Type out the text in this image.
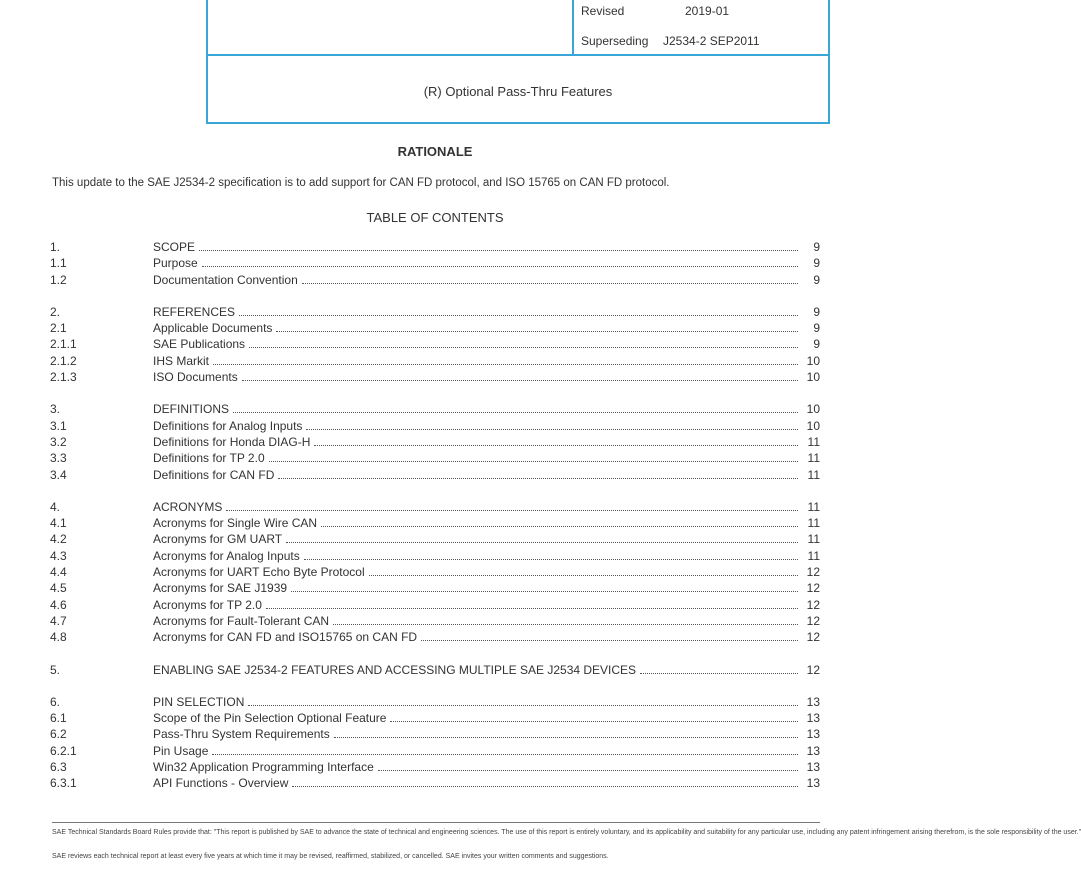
Revised	2019-01
Superseding J2534-2 SEP2011
(R) Optional Pass-Thru Features
RATIONALE
This update to the SAE J2534-2 specification is to add support for CAN FD protocol, and ISO 15765 on CAN FD protocol.
TABLE OF CONTENTS
1.	SCOPE	9
1.1	Purpose	9
1.2	Documentation Convention	9
2.	REFERENCES	9
2.1	Applicable Documents	9
2.1.1	SAE Publications	9
2.1.2	IHS Markit	10
2.1.3	ISO Documents	10
3.	DEFINITIONS	10
3.1	Definitions for Analog Inputs	10
3.2	Definitions for Honda DIAG-H	11
3.3	Definitions for TP 2.0	11
3.4	Definitions for CAN FD	11
4.	ACRONYMS	11
4.1	Acronyms for Single Wire CAN	11
4.2	Acronyms for GM UART	11
4.3	Acronyms for Analog Inputs	11
4.4	Acronyms for UART Echo Byte Protocol	12
4.5	Acronyms for SAE J1939	12
4.6	Acronyms for TP 2.0	12
4.7	Acronyms for Fault-Tolerant CAN	12
4.8	Acronyms for CAN FD and ISO15765 on CAN FD	12
5.	ENABLING SAE J2534-2 FEATURES AND ACCESSING MULTIPLE SAE J2534 DEVICES	12
6.	PIN SELECTION	13
6.1	Scope of the Pin Selection Optional Feature	13
6.2	Pass-Thru System Requirements	13
6.2.1	Pin Usage	13
6.3	Win32 Application Programming Interface	13
6.3.1	API Functions - Overview	13
SAE Technical Standards Board Rules provide that: "This report is published by SAE to advance the state of technical and engineering sciences. The use of this report is entirely voluntary, and its applicability and suitability for any particular use, including any patent infringement arising therefrom, is the sole responsibility of the user."
SAE reviews each technical report at least every five years at which time it may be revised, reaffirmed, stabilized, or cancelled. SAE invites your written comments and suggestions.
